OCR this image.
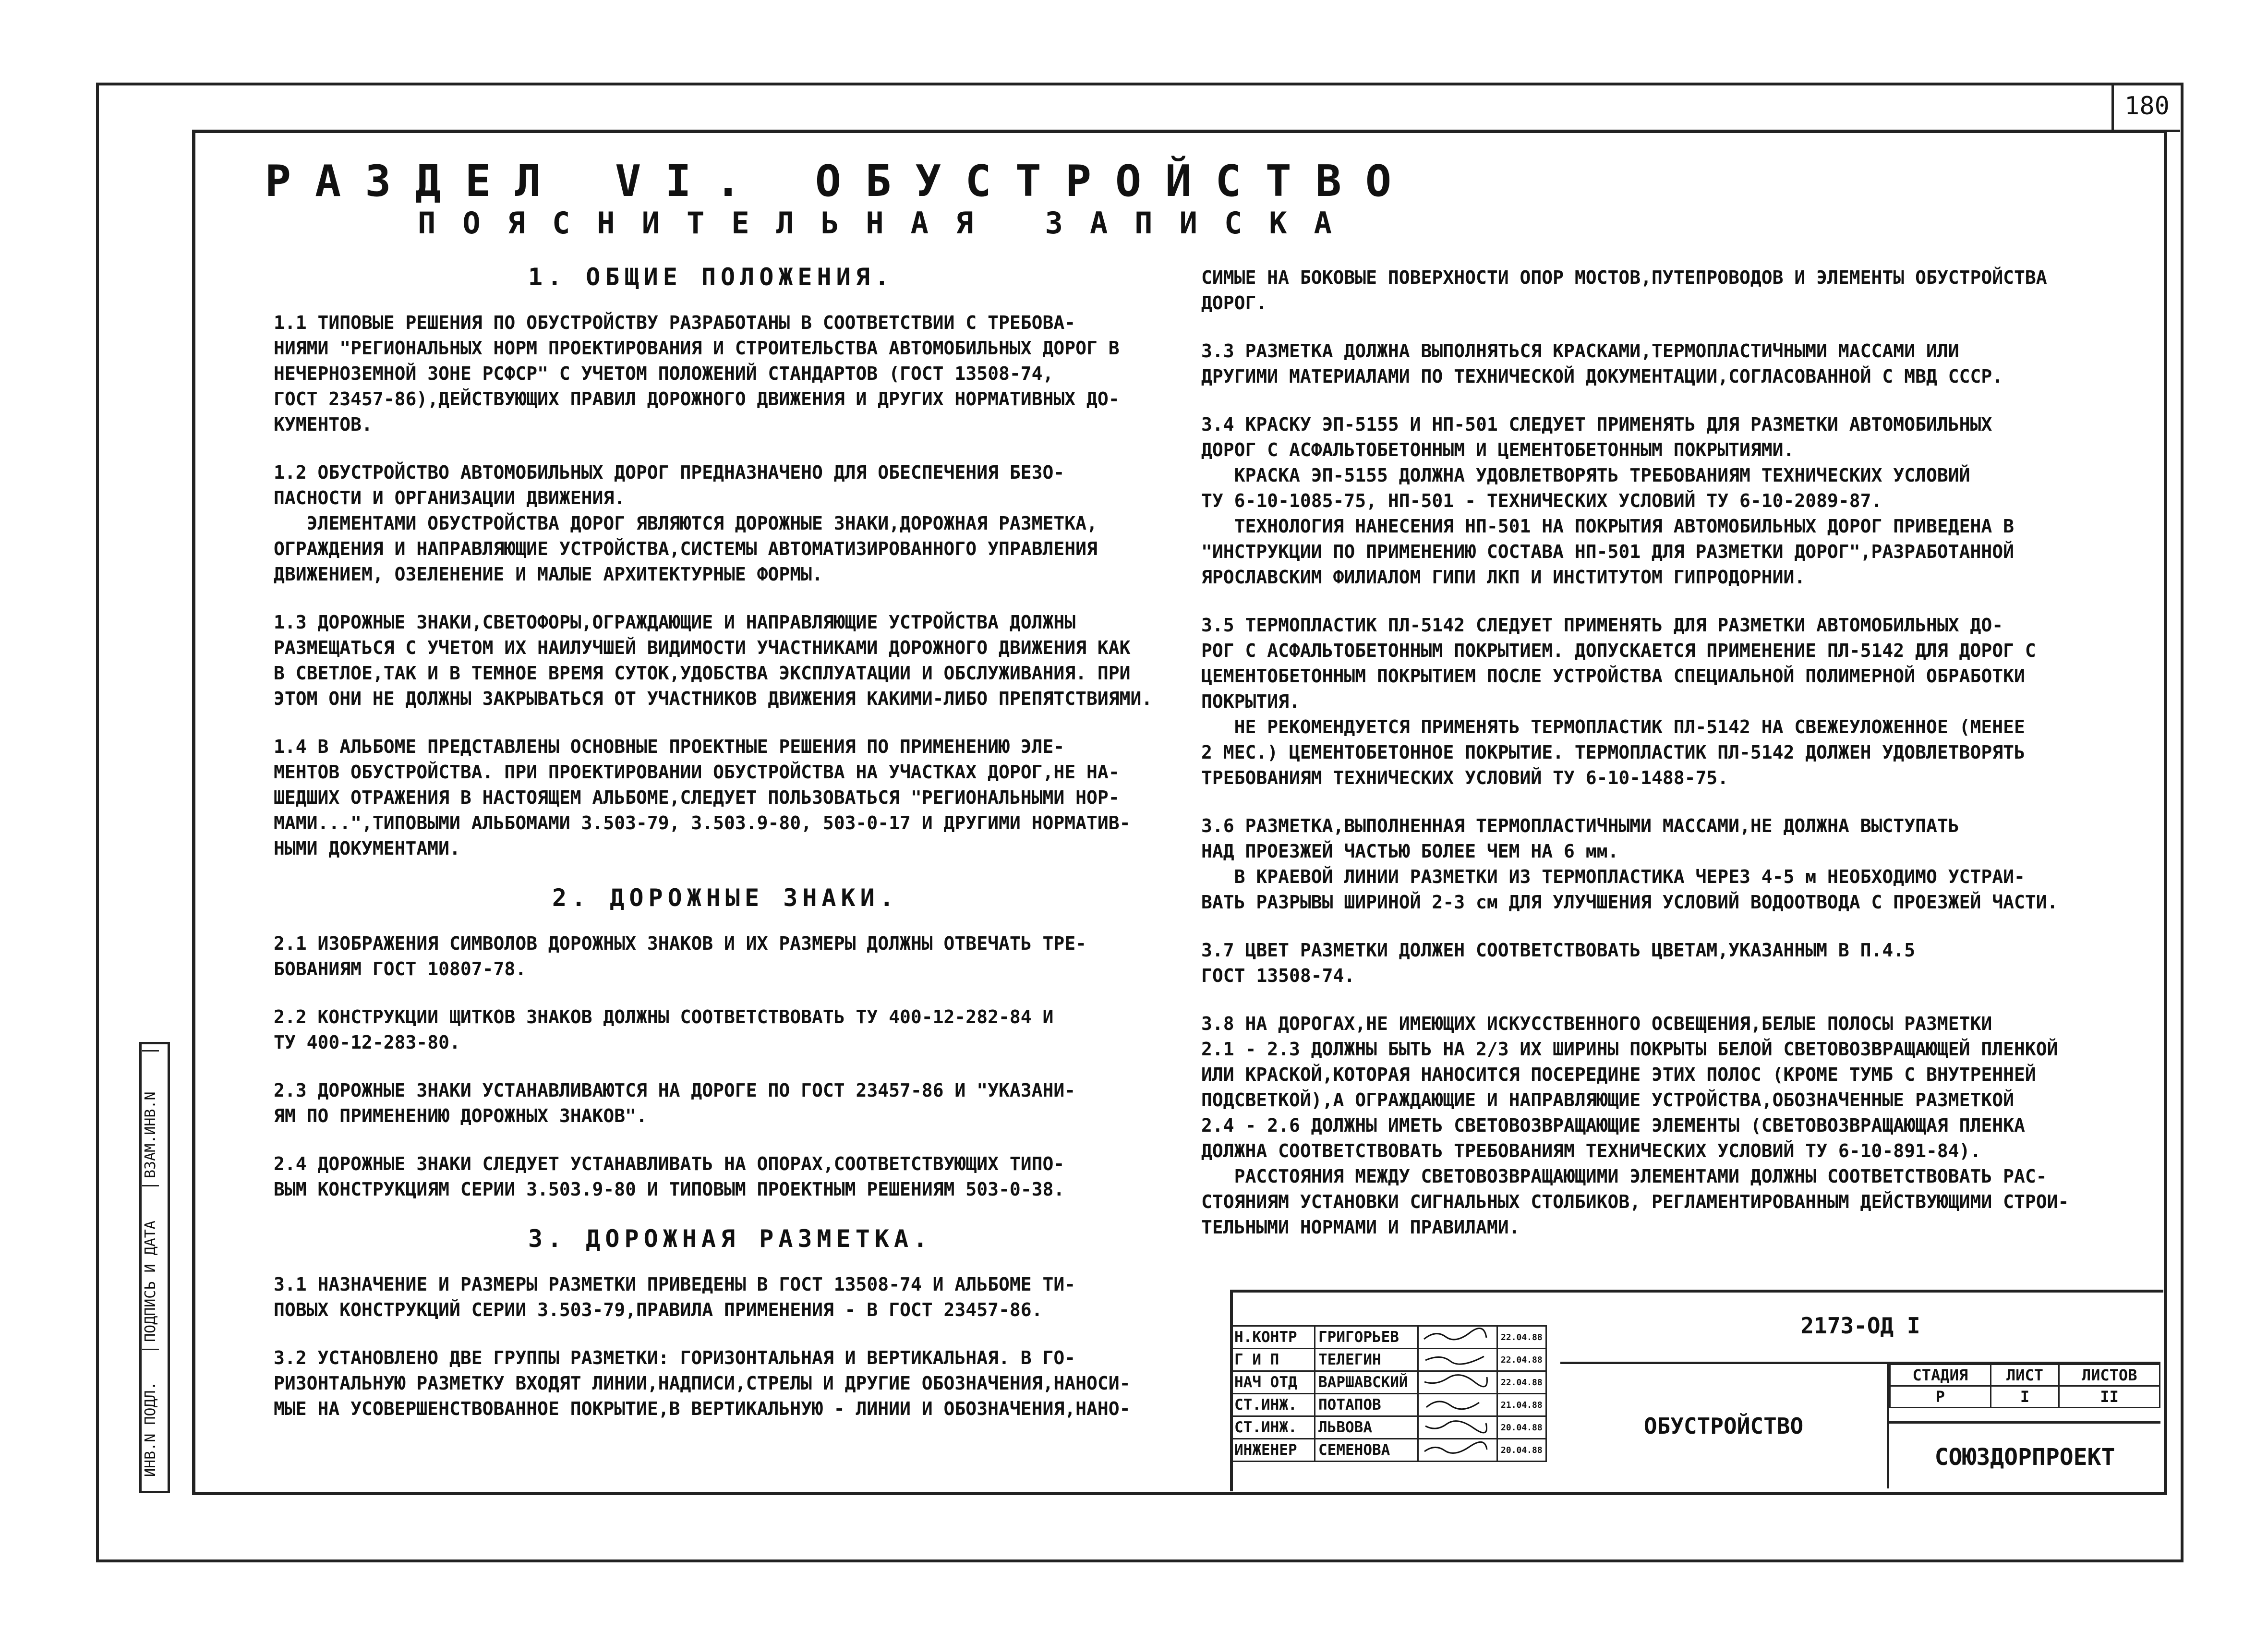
180
РАЗДЕЛ VI. ОБУСТРОЙСТВО
ПОЯСНИТЕЛЬНАЯ ЗАПИСКА
1. ОБЩИЕ ПОЛОЖЕНИЯ.
1.1 ТИПОВЫЕ РЕШЕНИЯ ПО ОБУСТРОЙСТВУ РАЗРАБОТАНЫ В СООТВЕТСТВИИ С ТРЕБОВА-
НИЯМИ "РЕГИОНАЛЬНЫХ НОРМ ПРОЕКТИРОВАНИЯ И СТРОИТЕЛЬСТВА АВТОМОБИЛЬНЫХ ДОРОГ В
НЕЧЕРНОЗЕМНОЙ ЗОНЕ РСФСР" С УЧЕТОМ ПОЛОЖЕНИЙ СТАНДАРТОВ (ГОСТ 13508-74,
ГОСТ 23457-86),ДЕЙСТВУЮЩИХ ПРАВИЛ ДОРОЖНОГО ДВИЖЕНИЯ И ДРУГИХ НОРМАТИВНЫХ ДО-
КУМЕНТОВ.
1.2 ОБУСТРОЙСТВО АВТОМОБИЛЬНЫХ ДОРОГ ПРЕДНАЗНАЧЕНО ДЛЯ ОБЕСПЕЧЕНИЯ БЕЗО-
ПАСНОСТИ И ОРГАНИЗАЦИИ ДВИЖЕНИЯ.
ЭЛЕМЕНТАМИ ОБУСТРОЙСТВА ДОРОГ ЯВЛЯЮТСЯ ДОРОЖНЫЕ ЗНАКИ,ДОРОЖНАЯ РАЗМЕТКА,
ОГРАЖДЕНИЯ И НАПРАВЛЯЮЩИЕ УСТРОЙСТВА,СИСТЕМЫ АВТОМАТИЗИРОВАННОГО УПРАВЛЕНИЯ
ДВИЖЕНИЕМ, ОЗЕЛЕНЕНИЕ И МАЛЫЕ АРХИТЕКТУРНЫЕ ФОРМЫ.
1.3 ДОРОЖНЫЕ ЗНАКИ,СВЕТОФОРЫ,ОГРАЖДАЮЩИЕ И НАПРАВЛЯЮЩИЕ УСТРОЙСТВА ДОЛЖНЫ
РАЗМЕЩАТЬСЯ С УЧЕТОМ ИХ НАИЛУЧШЕЙ ВИДИМОСТИ УЧАСТНИКАМИ ДОРОЖНОГО ДВИЖЕНИЯ КАК
В СВЕТЛОЕ,ТАК И В ТЕМНОЕ ВРЕМЯ СУТОК,УДОБСТВА ЭКСПЛУАТАЦИИ И ОБСЛУЖИВАНИЯ. ПРИ
ЭТОМ ОНИ НЕ ДОЛЖНЫ ЗАКРЫВАТЬСЯ ОТ УЧАСТНИКОВ ДВИЖЕНИЯ КАКИМИ-ЛИБО ПРЕПЯТСТВИЯМИ.
1.4 В АЛЬБОМЕ ПРЕДСТАВЛЕНЫ ОСНОВНЫЕ ПРОЕКТНЫЕ РЕШЕНИЯ ПО ПРИМЕНЕНИЮ ЭЛЕ-
МЕНТОВ ОБУСТРОЙСТВА. ПРИ ПРОЕКТИРОВАНИИ ОБУСТРОЙСТВА НА УЧАСТКАХ ДОРОГ,НЕ НА-
ШЕДШИХ ОТРАЖЕНИЯ В НАСТОЯЩЕМ АЛЬБОМЕ,СЛЕДУЕТ ПОЛЬЗОВАТЬСЯ "РЕГИОНАЛЬНЫМИ НОР-
МАМИ...",ТИПОВЫМИ АЛЬБОМАМИ 3.503-79, 3.503.9-80, 503-0-17 И ДРУГИМИ НОРМАТИВ-
НЫМИ ДОКУМЕНТАМИ.
2. ДОРОЖНЫЕ ЗНАКИ.
2.1 ИЗОБРАЖЕНИЯ СИМВОЛОВ ДОРОЖНЫХ ЗНАКОВ И ИХ РАЗМЕРЫ ДОЛЖНЫ ОТВЕЧАТЬ ТРЕ-
БОВАНИЯМ ГОСТ 10807-78.
2.2 КОНСТРУКЦИИ ЩИТКОВ ЗНАКОВ ДОЛЖНЫ СООТВЕТСТВОВАТЬ ТУ 400-12-282-84 И
ТУ 400-12-283-80.
2.3 ДОРОЖНЫЕ ЗНАКИ УСТАНАВЛИВАЮТСЯ НА ДОРОГЕ ПО ГОСТ 23457-86 И "УКАЗАНИ-
ЯМ ПО ПРИМЕНЕНИЮ ДОРОЖНЫХ ЗНАКОВ".
2.4 ДОРОЖНЫЕ ЗНАКИ СЛЕДУЕТ УСТАНАВЛИВАТЬ НА ОПОРАХ,СООТВЕТСТВУЮЩИХ ТИПО-
ВЫМ КОНСТРУКЦИЯМ СЕРИИ 3.503.9-80 И ТИПОВЫМ ПРОЕКТНЫМ РЕШЕНИЯМ 503-0-38.
3. ДОРОЖНАЯ РАЗМЕТКА.
3.1 НАЗНАЧЕНИЕ И РАЗМЕРЫ РАЗМЕТКИ ПРИВЕДЕНЫ В ГОСТ 13508-74 И АЛЬБОМЕ ТИ-
ПОВЫХ КОНСТРУКЦИЙ СЕРИИ 3.503-79,ПРАВИЛА ПРИМЕНЕНИЯ - В ГОСТ 23457-86.
3.2 УСТАНОВЛЕНО ДВЕ ГРУППЫ РАЗМЕТКИ: ГОРИЗОНТАЛЬНАЯ И ВЕРТИКАЛЬНАЯ. В ГО-
РИЗОНТАЛЬНУЮ РАЗМЕТКУ ВХОДЯТ ЛИНИИ,НАДПИСИ,СТРЕЛЫ И ДРУГИЕ ОБОЗНАЧЕНИЯ,НАНОСИ-
МЫЕ НА УСОВЕРШЕНСТВОВАННОЕ ПОКРЫТИЕ,В ВЕРТИКАЛЬНУЮ - ЛИНИИ И ОБОЗНАЧЕНИЯ,НАНО-
СИМЫЕ НА БОКОВЫЕ ПОВЕРХНОСТИ ОПОР МОСТОВ,ПУТЕПРОВОДОВ И ЭЛЕМЕНТЫ ОБУСТРОЙСТВА
ДОРОГ.
3.3 РАЗМЕТКА ДОЛЖНА ВЫПОЛНЯТЬСЯ КРАСКАМИ,ТЕРМОПЛАСТИЧНЫМИ МАССАМИ ИЛИ
ДРУГИМИ МАТЕРИАЛАМИ ПО ТЕХНИЧЕСКОЙ ДОКУМЕНТАЦИИ,СОГЛАСОВАННОЙ С МВД СССР.
3.4 КРАСКУ ЭП-5155 И НП-501 СЛЕДУЕТ ПРИМЕНЯТЬ ДЛЯ РАЗМЕТКИ АВТОМОБИЛЬНЫХ
ДОРОГ С АСФАЛЬТОБЕТОННЫМ И ЦЕМЕНТОБЕТОННЫМ ПОКРЫТИЯМИ.
КРАСКА ЭП-5155 ДОЛЖНА УДОВЛЕТВОРЯТЬ ТРЕБОВАНИЯМ ТЕХНИЧЕСКИХ УСЛОВИЙ
ТУ 6-10-1085-75, НП-501 - ТЕХНИЧЕСКИХ УСЛОВИЙ ТУ 6-10-2089-87.
ТЕХНОЛОГИЯ НАНЕСЕНИЯ НП-501 НА ПОКРЫТИЯ АВТОМОБИЛЬНЫХ ДОРОГ ПРИВЕДЕНА В
"ИНСТРУКЦИИ ПО ПРИМЕНЕНИЮ СОСТАВА НП-501 ДЛЯ РАЗМЕТКИ ДОРОГ",РАЗРАБОТАННОЙ
ЯРОСЛАВСКИМ ФИЛИАЛОМ ГИПИ ЛКП И ИНСТИТУТОМ ГИПРОДОРНИИ.
3.5 ТЕРМОПЛАСТИК ПЛ-5142 СЛЕДУЕТ ПРИМЕНЯТЬ ДЛЯ РАЗМЕТКИ АВТОМОБИЛЬНЫХ ДО-
РОГ С АСФАЛЬТОБЕТОННЫМ ПОКРЫТИЕМ. ДОПУСКАЕТСЯ ПРИМЕНЕНИЕ ПЛ-5142 ДЛЯ ДОРОГ С
ЦЕМЕНТОБЕТОННЫМ ПОКРЫТИЕМ ПОСЛЕ УСТРОЙСТВА СПЕЦИАЛЬНОЙ ПОЛИМЕРНОЙ ОБРАБОТКИ
ПОКРЫТИЯ.
НЕ РЕКОМЕНДУЕТСЯ ПРИМЕНЯТЬ ТЕРМОПЛАСТИК ПЛ-5142 НА СВЕЖЕУЛОЖЕННОЕ (МЕНЕЕ
2 МЕС.) ЦЕМЕНТОБЕТОННОЕ ПОКРЫТИЕ. ТЕРМОПЛАСТИК ПЛ-5142 ДОЛЖЕН УДОВЛЕТВОРЯТЬ
ТРЕБОВАНИЯМ ТЕХНИЧЕСКИХ УСЛОВИЙ ТУ 6-10-1488-75.
3.6 РАЗМЕТКА,ВЫПОЛНЕННАЯ ТЕРМОПЛАСТИЧНЫМИ МАССАМИ,НЕ ДОЛЖНА ВЫСТУПАТЬ
НАД ПРОЕЗЖЕЙ ЧАСТЬЮ БОЛЕЕ ЧЕМ НА 6 мм.
В КРАЕВОЙ ЛИНИИ РАЗМЕТКИ ИЗ ТЕРМОПЛАСТИКА ЧЕРЕЗ 4-5 м НЕОБХОДИМО УСТРАИ-
ВАТЬ РАЗРЫВЫ ШИРИНОЙ 2-3 см ДЛЯ УЛУЧШЕНИЯ УСЛОВИЙ ВОДООТВОДА С ПРОЕЗЖЕЙ ЧАСТИ.
3.7 ЦВЕТ РАЗМЕТКИ ДОЛЖЕН СООТВЕТСТВОВАТЬ ЦВЕТАМ,УКАЗАННЫМ В П.4.5
ГОСТ 13508-74.
3.8 НА ДОРОГАХ,НЕ ИМЕЮЩИХ ИСКУССТВЕННОГО ОСВЕЩЕНИЯ,БЕЛЫЕ ПОЛОСЫ РАЗМЕТКИ
2.1 - 2.3 ДОЛЖНЫ БЫТЬ НА 2/3 ИХ ШИРИНЫ ПОКРЫТЫ БЕЛОЙ СВЕТОВОЗВРАЩАЮЩЕЙ ПЛЕНКОЙ
ИЛИ КРАСКОЙ,КОТОРАЯ НАНОСИТСЯ ПОСЕРЕДИНЕ ЭТИХ ПОЛОС (КРОМЕ ТУМБ С ВНУТРЕННЕЙ
ПОДСВЕТКОЙ),А ОГРАЖДАЮЩИЕ И НАПРАВЛЯЮЩИЕ УСТРОЙСТВА,ОБОЗНАЧЕННЫЕ РАЗМЕТКОЙ
2.4 - 2.6 ДОЛЖНЫ ИМЕТЬ СВЕТОВОЗВРАЩАЮЩИЕ ЭЛЕМЕНТЫ (СВЕТОВОЗВРАЩАЮЩАЯ ПЛЕНКА
ДОЛЖНА СООТВЕТСТВОВАТЬ ТРЕБОВАНИЯМ ТЕХНИЧЕСКИХ УСЛОВИЙ ТУ 6-10-891-84).
РАССТОЯНИЯ МЕЖДУ СВЕТОВОЗВРАЩАЮЩИМИ ЭЛЕМЕНТАМИ ДОЛЖНЫ СООТВЕТСТВОВАТЬ РАС-
СТОЯНИЯМ УСТАНОВКИ СИГНАЛЬНЫХ СТОЛБИКОВ, РЕГЛАМЕНТИРОВАННЫМ ДЕЙСТВУЮЩИМИ СТРОИ-
ТЕЛЬНЫМИ НОРМАМИ И ПРАВИЛАМИ.
ИНВ.N ПОДЛ.ПОДПИСЬ И ДАТАВЗАМ.ИНВ.N
Н.КОНТР	ГРИГОРЬЕВ		22.04.88
Г И П	ТЕЛЕГИН		22.04.88
НАЧ ОТД	ВАРШАВСКИЙ		22.04.88
СТ.ИНЖ.	ПОТАПОВ		21.04.88
СТ.ИНЖ.	ЛЬВОВА		20.04.88
ИНЖЕНЕР	СЕМЕНОВА		20.04.88
2173-ОД I
ОБУСТРОЙСТВО
СТАДИЯ	ЛИСТ	ЛИСТОВ
Р	I	II
СОЮЗДОРПРОЕКТ
